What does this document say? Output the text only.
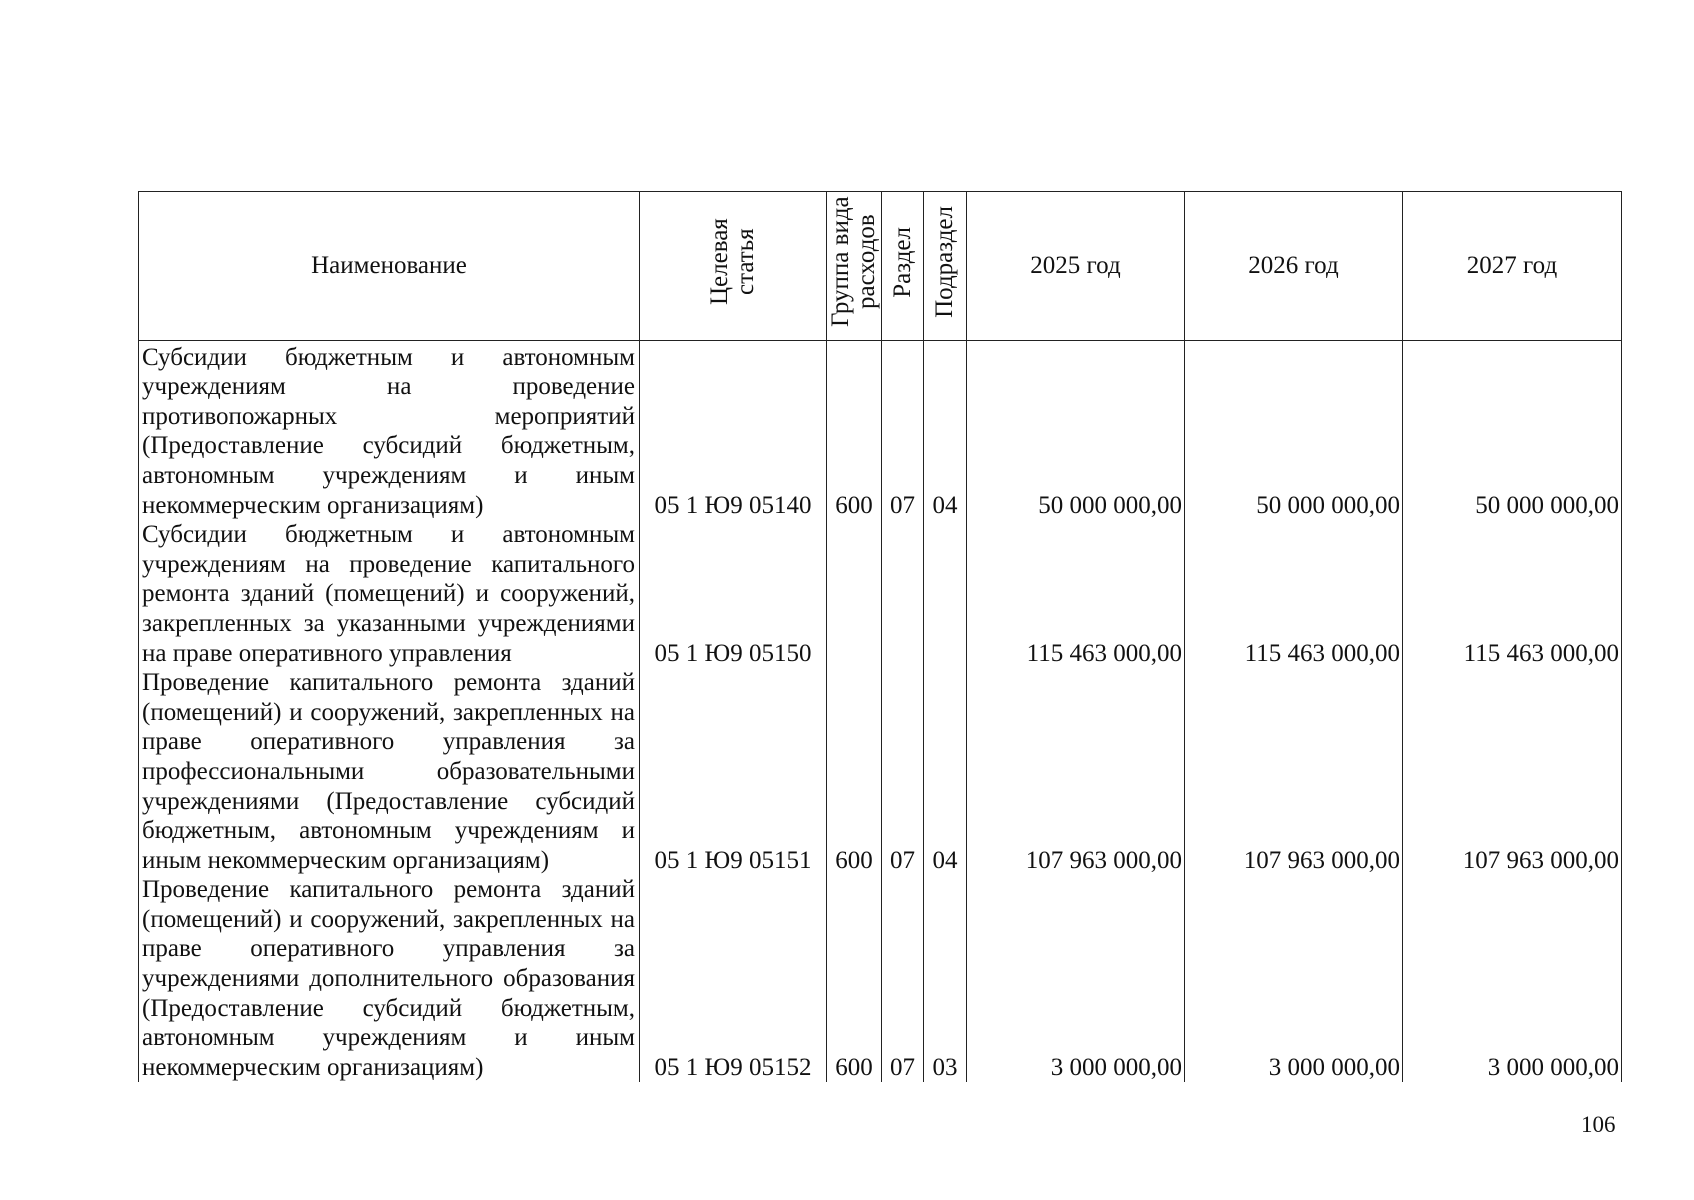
Наименование	Целевая статья	Группа вида расходов	Раздел	Подраздел	2025 год	2026 год	2027 год
Субсидии бюджетным и автономным учреждениям на проведение противопожарных мероприятий (Предоставление субсидий бюджетным, автономным учреждениям и иным некоммерческим организациям)	05 1 Ю9 05140	600	07	04	50 000 000,00	50 000 000,00	50 000 000,00
Субсидии бюджетным и автономным учреждениям на проведение капитального ремонта зданий (помещений) и сооружений, закрепленных за указанными учреждениями на праве оперативного управления	05 1 Ю9 05150				115 463 000,00	115 463 000,00	115 463 000,00
Проведение капитального ремонта зданий (помещений) и сооружений, закрепленных на праве оперативного управления за профессиональными образовательными учреждениями (Предоставление субсидий бюджетным, автономным учреждениям и иным некоммерческим организациям)	05 1 Ю9 05151	600	07	04	107 963 000,00	107 963 000,00	107 963 000,00
Проведение капитального ремонта зданий (помещений) и сооружений, закрепленных на праве оперативного управления за учреждениями дополнительного образования (Предоставление субсидий бюджетным, автономным учреждениям и иным некоммерческим организациям)	05 1 Ю9 05152	600	07	03	3 000 000,00	3 000 000,00	3 000 000,00
106
